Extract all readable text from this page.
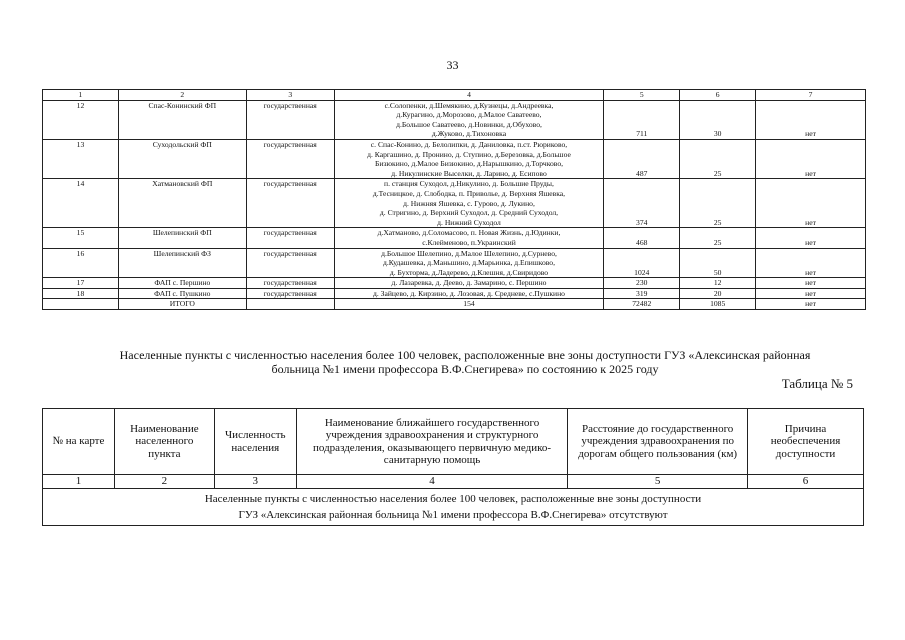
33
1	2	3	4	5	6	7
12	Спас-Конинский ФП	государственная	с.Солопенки, д.Шемякино, д.Кузнецы, д.Андреевка,
д.Курагино, д.Морозово, д.Малое Саватеево,
д.Большое Саватеево, д.Новинки, д.Обухово,
д.Жуково, д.Тихоновка	711	30	нет
13	Суходольский ФП	государственная	с. Спас-Конино, д. Белолипки, д. Даниловка, п.ст. Рюриково,
д. Каргашино, д. Пронино, д. Ступино, д.Березовка, д.Большое
Бизюкино, д.Малое Бизюкино, д.Нарышкино, д.Торчково,
д. Никулинские Выселки, д. Ларино, д. Есипово	487	25	нет
14	Хатмановский ФП	государственная	п. станция Суходол, д.Никулино, д. Большие Пруды,
д.Тесницкое, д. Слободка, п. Приволье, д. Верхняя Яшевка,
д. Нижняя Яшевка, с. Гурово, д. Лукино,
д. Стригино, д. Верхний Суходол, д. Средний Суходол,
д. Нижний Суходол	374	25	нет
15	Шелепинский ФП	государственная	д.Хатманово, д.Соломасово, п. Новая Жизнь, д.Юдинки,
с.Клейменово, п.Украинский	468	25	нет
16	Шелепинский ФЗ	государственная	д.Большое Шелепино, д.Малое Шелепино, д.Сурнево,
д.Кудашевка, д.Маньшино, д.Марьинка, д.Епишково,
д. Бухторма, д.Ладерево, д.Клешня, д.Свиридово	1024	50	нет
17	ФАП с. Першино	государственная	д. Лазаревка, д. Деево, д. Замарино, с. Першино	230	12	нет
18	ФАП с. Пушкино	государственная	д. Зайцево, д. Кирзино, д. Лозовая, д. Средневе, с.Пушкино	319	20	нет
	ИТОГО		154	72482	1085	нет
Населенные пункты с численностью населения более 100 человек, расположенные вне зоны доступности ГУЗ «Алексинская районная
больница №1 имени профессора В.Ф.Снегирева» по состоянию к 2025 году
Таблица № 5
№ на карте	Наименование населенного пункта	Численность населения	Наименование ближайшего государственного учреждения здравоохранения и структурного подразделения, оказывающего первичную медико-санитарную помощь	Расстояние до государственного учреждения здравоохранения по дорогам общего пользования (км)	Причина необеспечения доступности
1	2	3	4	5	6

Населенные пункты с численностью населения более 100 человек, расположенные вне зоны доступности
ГУЗ «Алексинская районная больница №1 имени профессора В.Ф.Снегирева» отсутствуют					
